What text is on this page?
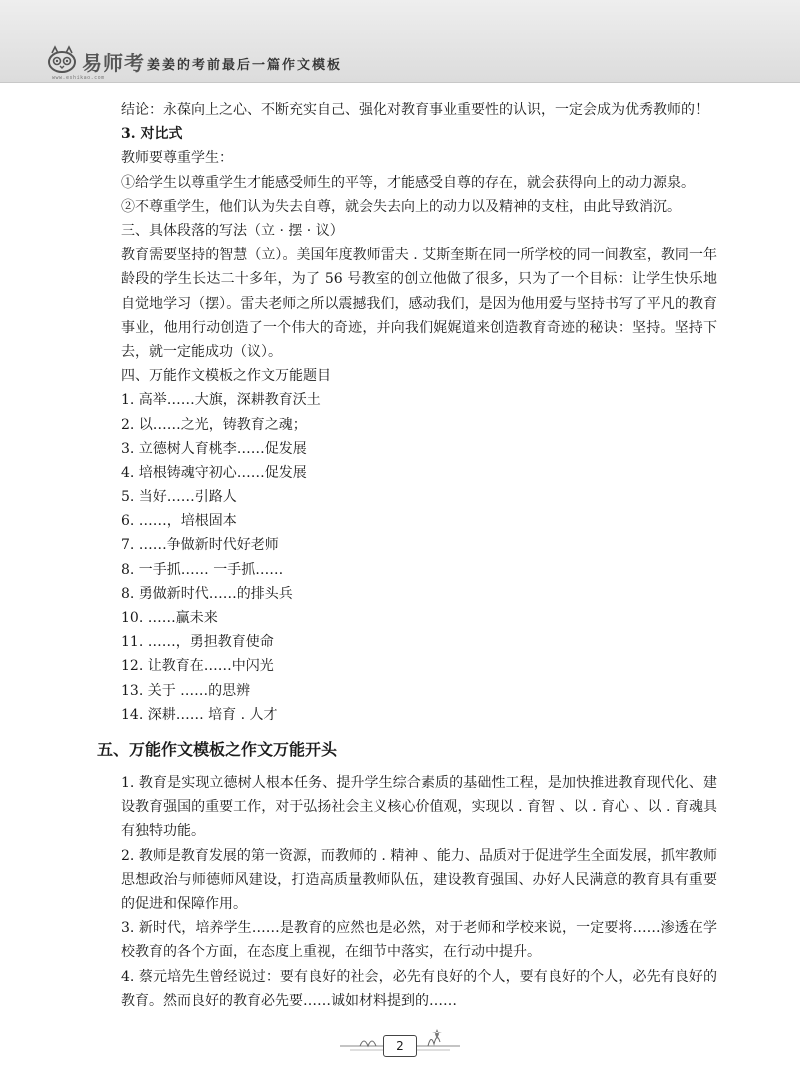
易师考
www.eshikao.com
姜姜的考前最后一篇作文模板
结论：永葆向上之心、不断充实自己、强化对教育事业重要性的认识，一定会成为优秀教师的！
3. 对比式
教师要尊重学生：
①给学生以尊重学生才能感受师生的平等，才能感受自尊的存在，就会获得向上的动力源泉。
②不尊重学生，他们认为失去自尊，就会失去向上的动力以及精神的支柱，由此导致消沉。
三、具体段落的写法（立 · 摆 · 议）
教育需要坚持的智慧（立）。美国年度教师雷夫 . 艾斯奎斯在同一所学校的同一间教室，教同一年龄段的学生长达二十多年，为了 56 号教室的创立他做了很多，只为了一个目标：让学生快乐地自觉地学习（摆）。雷夫老师之所以震撼我们，感动我们，是因为他用爱与坚持书写了平凡的教育事业，他用行动创造了一个伟大的奇迹，并向我们娓娓道来创造教育奇迹的秘诀：坚持。坚持下去，就一定能成功（议）。
四、万能作文模板之作文万能题目
1. 高举……大旗，深耕教育沃土
2. 以……之光，铸教育之魂；
3. 立德树人育桃李……促发展
4. 培根铸魂守初心……促发展
5. 当好……引路人
6. ……，培根固本
7. ……争做新时代好老师
8. 一手抓…… 一手抓……
8. 勇做新时代……的排头兵
10. ……赢未来
11. ……，勇担教育使命
12. 让教育在……中闪光
13. 关于 ……的思辨
14. 深耕…… 培育 . 人才
五、万能作文模板之作文万能开头
1. 教育是实现立德树人根本任务、提升学生综合素质的基础性工程，是加快推进教育现代化、建设教育强国的重要工作，对于弘扬社会主义核心价值观，实现以 . 育智 、以 . 育心 、以 . 育魂具有独特功能。
2. 教师是教育发展的第一资源，而教师的 . 精神 、能力、品质对于促进学生全面发展，抓牢教师思想政治与师德师风建设，打造高质量教师队伍，建设教育强国、办好人民满意的教育具有重要的促进和保障作用。
3. 新时代，培养学生……是教育的应然也是必然，对于老师和学校来说，一定要将……渗透在学校教育的各个方面，在态度上重视，在细节中落实，在行动中提升。
4. 蔡元培先生曾经说过：要有良好的社会，必先有良好的个人，要有良好的个人，必先有良好的教育。然而良好的教育必先要……诚如材料提到的……
2
